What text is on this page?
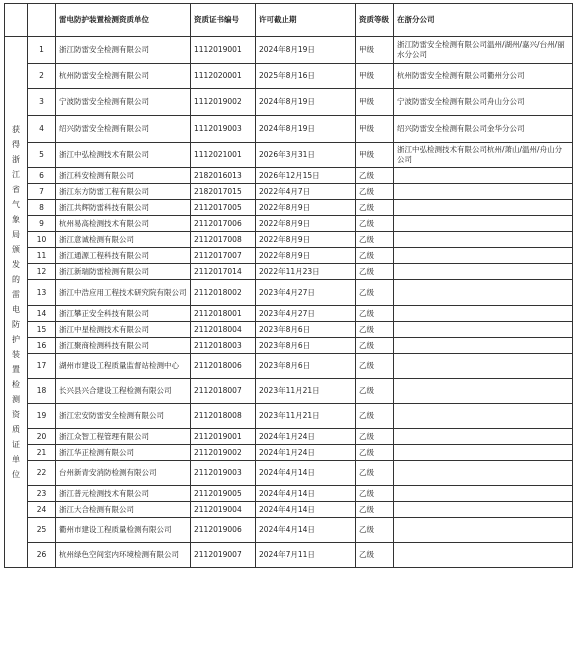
		雷电防护装置检测资质单位	资质证书编号	许可截止期	资质等级	在浙分公司
获得浙江省气象局颁发的雷电防护装置检测资质证单位	1	浙江防雷安全检测有限公司	1112019001	2024年8月19日	甲级	浙江防雷安全检测有限公司温州/湖州/嘉兴/台州/丽水分公司
	2	杭州防雷安全检测有限公司	1112020001	2025年8月16日	甲级	杭州防雷安全检测有限公司衢州分公司
	3	宁波防雷安全检测有限公司	1112019002	2024年8月19日	甲级	宁波防雷安全检测有限公司舟山分公司
	4	绍兴防雷安全检测有限公司	1112019003	2024年8月19日	甲级	绍兴防雷安全检测有限公司金华分公司
	5	浙江中弘检测技术有限公司	1112021001	2026年3月31日	甲级	浙江中弘检测技术有限公司杭州/萧山/温州/舟山分公司
	6	浙江科安检测有限公司	2182016013	2026年12月15日	乙级	
	7	浙江东方防雷工程有限公司	2182017015	2022年4月7日	乙级	
	8	浙江共辉防雷科技有限公司	2112017005	2022年8月9日	乙级	
	9	杭州易高检测技术有限公司	2112017006	2022年8月9日	乙级	
	10	浙江意诚检测有限公司	2112017008	2022年8月9日	乙级	
	11	浙江通源工程科技有限公司	2112017007	2022年8月9日	乙级	
	12	浙江新瑞防雷检测有限公司	2112017014	2022年11月23日	乙级	
	13	浙江中浩应用工程技术研究院有限公司	2112018002	2023年4月27日	乙级	
	14	浙江攀正安全科技有限公司	2112018001	2023年4月27日	乙级	
	15	浙江中星检测技术有限公司	2112018004	2023年8月6日	乙级	
	16	浙江聚商检测科技有限公司	2112018003	2023年8月6日	乙级	
	17	湖州市建设工程质量监督站检测中心	2112018006	2023年8月6日	乙级	
	18	长兴县兴合建设工程检测有限公司	2112018007	2023年11月21日	乙级	
	19	浙江宏安防雷安全检测有限公司	2112018008	2023年11月21日	乙级	
	20	浙江众智工程管理有限公司	2112019001	2024年1月24日	乙级	
	21	浙江华正检测有限公司	2112019002	2024年1月24日	乙级	
	22	台州新青安消防检测有限公司	2112019003	2024年4月14日	乙级	
	23	浙江普元检测技术有限公司	2112019005	2024年4月14日	乙级	
	24	浙江大合检测有限公司	2112019004	2024年4月14日	乙级	
	25	衢州市建设工程质量检测有限公司	2112019006	2024年4月14日	乙级	
	26	杭州绿色空间室内环境检测有限公司	2112019007	2024年7月11日	乙级	
